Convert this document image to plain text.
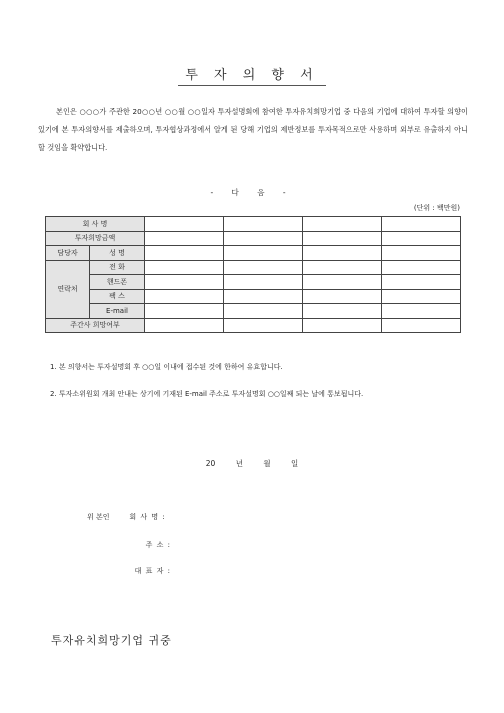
투 자 의 향 서
본인은 ○○○가 주관한 20○○년 ○○월 ○○일자 투자설명회에 참여한 투자유치희망기업 중 다음의 기업에 대하여 투자할 의향이 있기에 본 투자의향서를 제출하오며, 투자협상과정에서 알게 된 당해 기업의 제반정보를 투자목적으로만 사용하며 외부로 유출하지 아니할 것임을 확약합니다.
- 다 음 -
(단위 : 백만원)
회 사 명					
투자희망금액					
담당자	성 명				
연락처	전 화				
	핸드폰				
	팩 스				
	E-mail				
주간사 희망여부					

1. 본 의향서는 투자설명회 후 ○○일 이내에 접수된 것에 한하여 유효합니다.

2. 투자소위원회 개최 안내는 상기에 기재된 E-mail 주소로 투자설명회 ○○일째 되는 날에 통보됩니다.

20 년 월 일
위 본인	회 사 명 :
주 소 :
대 표 자 :
투자유치희망기업 귀중
